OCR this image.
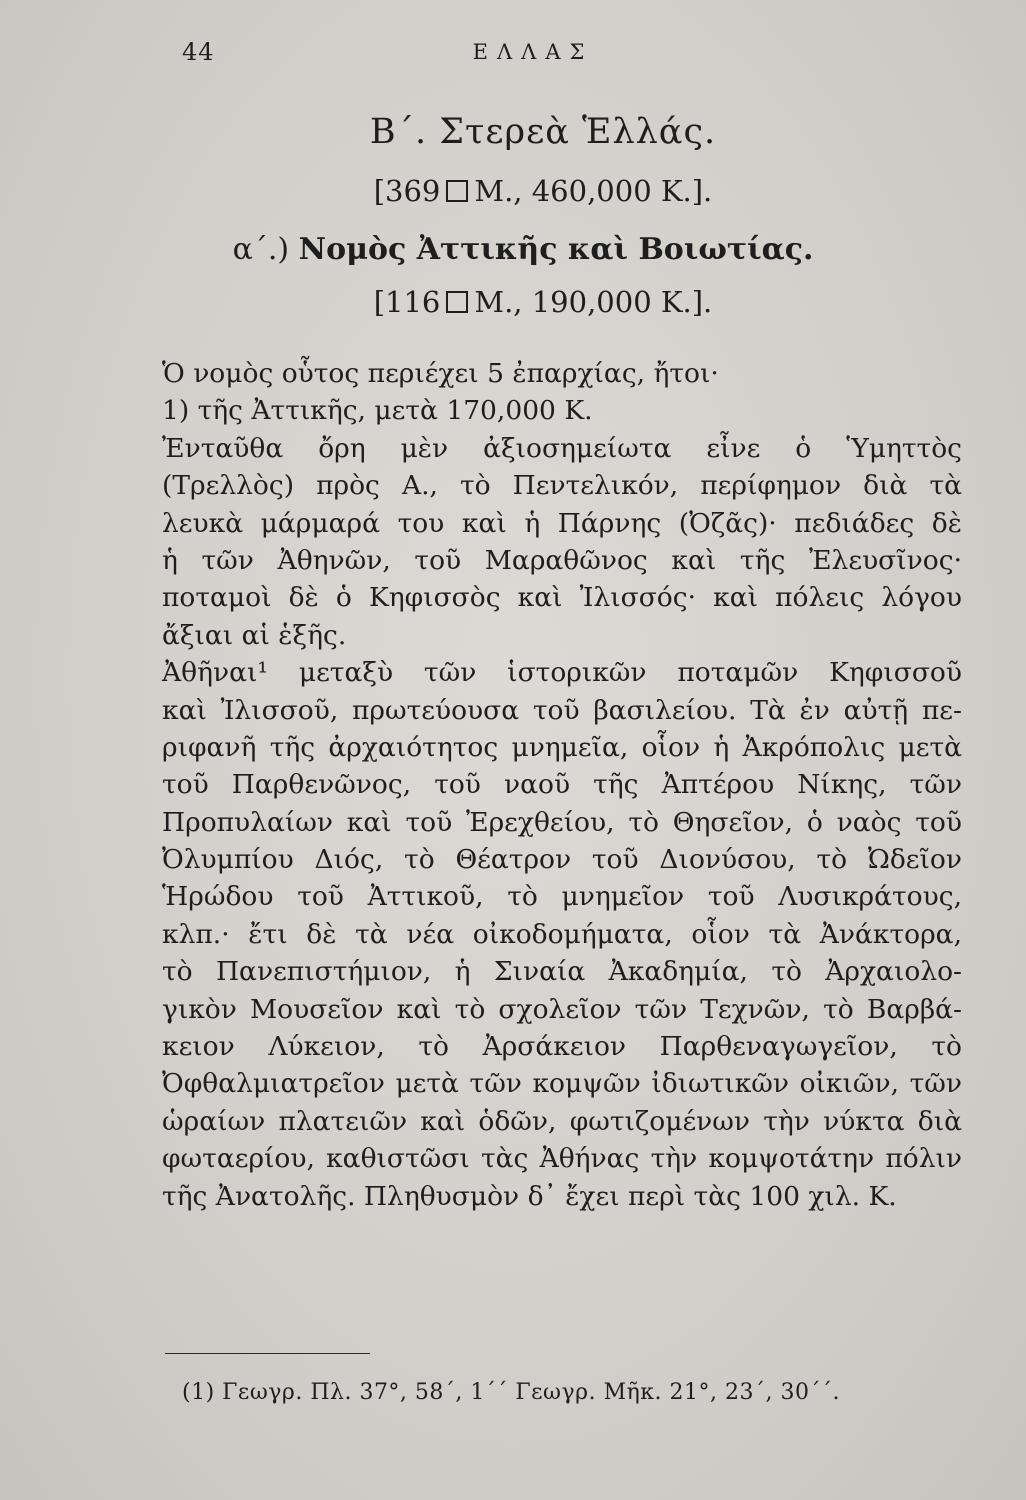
44	ΕΛΛΑΣ
Β΄. Στερεὰ Ἑλλάς.
[369 Μ., 460,000 Κ.].
α΄.) Νομὸς Ἀττικῆς καὶ Βοιωτίας.
[116 Μ., 190,000 Κ.].
Ὁ νομὸς οὗτος περιέχει 5 ἐπαρχίας, ἤτοι·
1) τῆς Ἀττικῆς, μετὰ 170,000 Κ.
Ἐνταῦθα ὄρη μὲν ἀξιοσημείωτα εἶνε ὁ Ὑμηττὸς
(Τρελλὸς) πρὸς Α., τὸ Πεντελικόν, περίφημον διὰ τὰ
λευκὰ μάρμαρά του καὶ ἡ Πάρνης (Ὀζᾶς)· πεδιάδες δὲ
ἡ τῶν Ἀθηνῶν, τοῦ Μαραθῶνος καὶ τῆς Ἐλευσῖνος·
ποταμοὶ δὲ ὁ Κηφισσὸς καὶ Ἰλισσός· καὶ πόλεις λόγου
ἄξιαι αἱ ἑξῆς.
Ἀθῆναι¹ μεταξὺ τῶν ἱστορικῶν ποταμῶν Κηφισσοῦ
καὶ Ἰλισσοῦ, πρωτεύουσα τοῦ βασιλείου. Τὰ ἐν αὐτῇ πε-
ριφανῆ τῆς ἀρχαιότητος μνημεῖα, οἷον ἡ Ἀκρόπολις μετὰ
τοῦ Παρθενῶνος, τοῦ ναοῦ τῆς Ἀπτέρου Νίκης, τῶν
Προπυλαίων καὶ τοῦ Ἐρεχθείου, τὸ Θησεῖον, ὁ ναὸς τοῦ
Ὀλυμπίου Διός, τὸ Θέατρον τοῦ Διονύσου, τὸ Ὠδεῖον
Ἡρώδου τοῦ Ἀττικοῦ, τὸ μνημεῖον τοῦ Λυσικράτους,
κλπ.· ἔτι δὲ τὰ νέα οἰκοδομήματα, οἷον τὰ Ἀνάκτορα,
τὸ Πανεπιστήμιον, ἡ Σιναία Ἀκαδημία, τὸ Ἀρχαιολο-
γικὸν Μουσεῖον καὶ τὸ σχολεῖον τῶν Τεχνῶν, τὸ Βαρβά-
κειον Λύκειον, τὸ Ἀρσάκειον Παρθεναγωγεῖον, τὸ
Ὀφθαλμιατρεῖον μετὰ τῶν κομψῶν ἰδιωτικῶν οἰκιῶν, τῶν
ὡραίων πλατειῶν καὶ ὁδῶν, φωτιζομένων τὴν νύκτα διὰ
φωταερίου, καθιστῶσι τὰς Ἀθήνας τὴν κομψοτάτην πόλιν
τῆς Ἀνατολῆς. Πληθυσμὸν δ᾿ ἔχει περὶ τὰς 100 χιλ. Κ.
(1) Γεωγρ. Πλ. 37°, 58΄, 1΄΄ Γεωγρ. Μῆκ. 21°, 23΄, 30΄΄.
